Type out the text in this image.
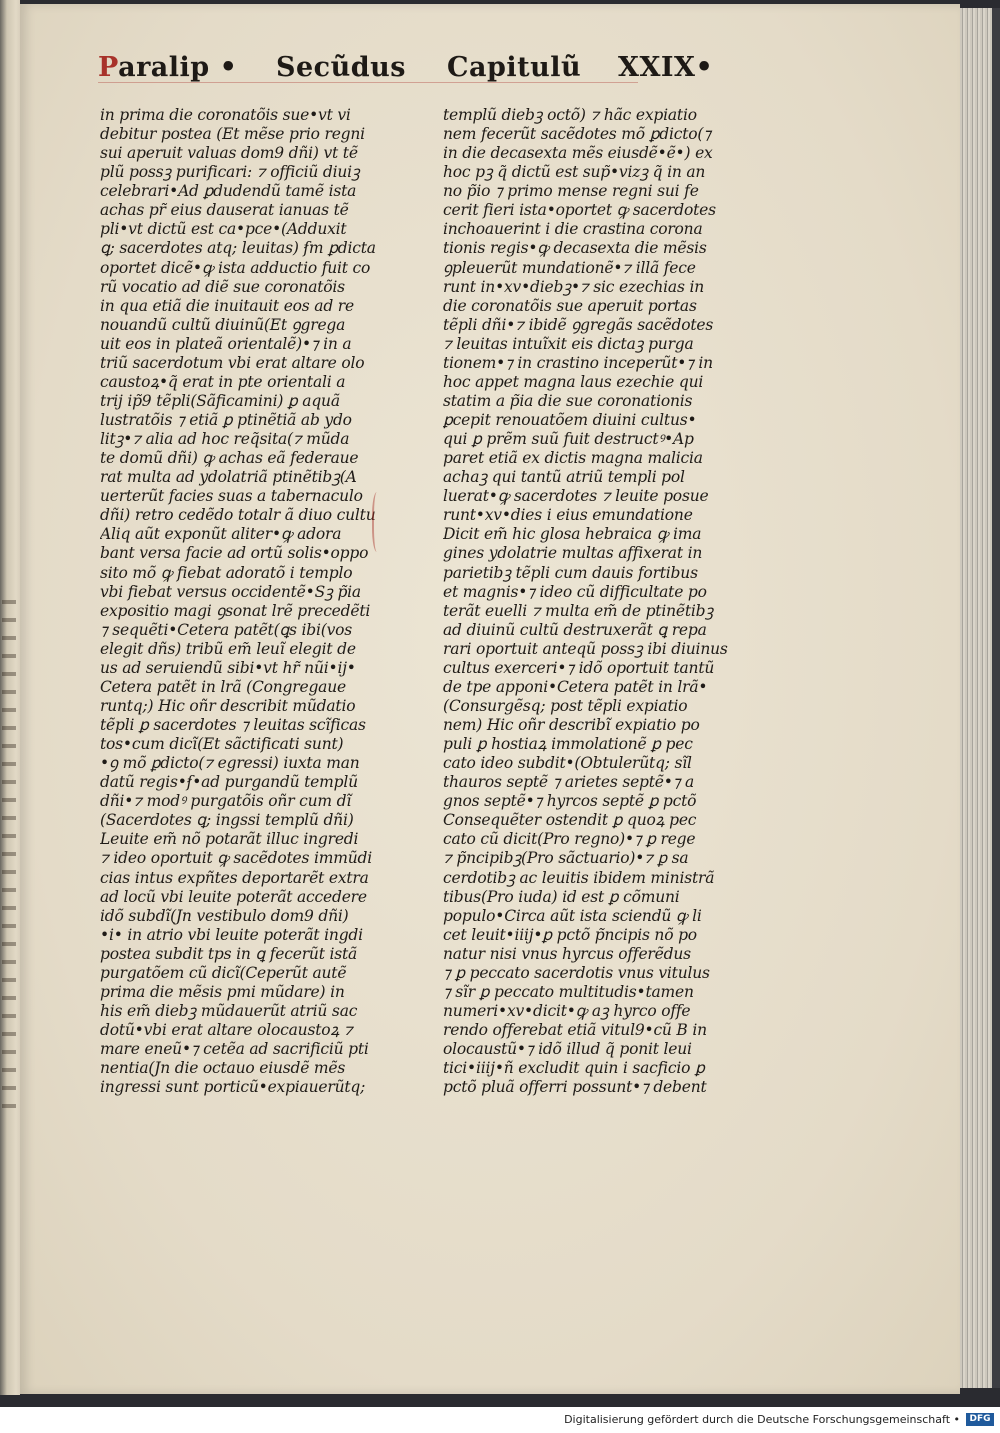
Paralip • Secũdus Capitulũ XXIX•
in prima die coronatõis sue•vt vi
debitur postea (Et mẽse prio regni
sui aperuit valuas dom9 dñi) vt tẽ
plũ possꝫ purificari: ⁊ officiũ diuiꝫ
celebrari•Ad ꝑdudendũ tamẽ ista
achas pr̃ eius dauserat ianuas tẽ
pli•vt dictũ est ca•pce•(Adduxit
ꝗ; sacerdotes atq; leuitas) ẜm ꝑdicta
oportet dicẽ•ꝙ ista adductio fuit co
rũ vocatio ad diẽ sue coronatõis
in qua etiã die inuitauit eos ad re
nouandũ cultũ diuinũ(Et ꝯgrega
uit eos in plateã orientalẽ)•⁊ in a
triũ sacerdotum vbi erat altare olo
caustoꝝ•q̃ erat in pte orientali a
trij ip̃9 tẽpli(Sãficamini) ꝑ aquã
lustratõis ⁊ etiã ꝑ ptinẽtiã ab ydo
litꝫ•⁊ alia ad hoc req̃sita(⁊ mũda
te domũ dñi) ꝙ achas eã federaue
rat multa ad ydolatriã ptinẽtibꝫ(A
uerterũt facies suas a tabernaculo
dñi) retro cedẽdo totalr ã diuo cultu
Aliq aũt exponũt aliter•ꝙ adora
bant versa facie ad ortũ solis•oppo
sito mõ ꝙ fiebat adoratõ i templo
vbi fiebat versus occidentẽ•Sꝫ p̃ia
expositio magi ꝯsonat lrẽ precedẽti
⁊ sequẽti•Cetera patẽt(ꝗs ibi(vos
elegit dñs) tribũ em̃ leuĩ elegit de
us ad seruiendũ sibi•vt hr̃ nũi•ij•
Cetera patẽt in lrã (Congregaue
runtq;) Hic oñr describit mũdatio
tẽpli ꝑ sacerdotes ⁊ leuitas scĩficas
tos•cum dicĩ(Et sãctificati sunt)
•ꝯ mõ ꝑdicto(⁊ egressi) iuxta man
datũ regis•ẜ•ad purgandũ templũ
dñi•⁊ modꝰ purgatõis oñr cum dĩ
(Sacerdotes ꝗ; ingssi templũ dñi)
Leuite em̃ nõ potarãt illuc ingredi
⁊ ideo oportuit ꝙ sacẽdotes immũdi
cias intus expñtes deportarẽt extra
ad locũ vbi leuite poterãt accedere
idõ subdĩ(Jn vestibulo dom9 dñi)
•i• in atrio vbi leuite poterãt ingdi
postea subdit tps in ꝗ fecerũt istã
purgatõem cũ dicĩ(Ceperũt autẽ
prima die mẽsis pmi mũdare) in
his em̃ diebꝫ mũdauerũt atriũ sac
dotũ•vbi erat altare olocaustoꝝ ⁊
mare eneũ•⁊ cetẽa ad sacrificiũ pti
nentia(Jn die octauo eiusdẽ mẽs
ingressi sunt porticũ•expiauerũtq;
templũ diebꝫ octõ) ⁊ hãc expiatio
nem fecerũt sacẽdotes mõ ꝑdicto(⁊
in die decasexta mẽs eiusdẽ•ẽ•) ex
hoc pꝫ q̃ dictũ est sup̃•vizꝫ q̃ in an
no p̃io ⁊ primo mense regni sui fe
cerit fieri ista•oportet ꝙ sacerdotes
inchoauerint i die crastina corona
tionis regis•ꝙ decasexta die mẽsis
ꝯpleuerũt mundationẽ•⁊ illã fece
runt in•xv•diebꝫ•⁊ sic ezechias in
die coronatõis sue aperuit portas
tẽpli dñi•⁊ ibidẽ ꝯgregãs sacẽdotes
⁊ leuitas intuĩxit eis dictaꝫ purga
tionem•⁊ in crastino inceperũt•⁊ in
hoc appet magna laus ezechie qui
statim a p̃ia die sue coronationis
ꝑcepit renouatõem diuini cultus•
qui ꝑ prẽm suũ fuit destructꝰ•Ap
paret etiã ex dictis magna malicia
achaꝫ qui tantũ atriũ templi pol
luerat•ꝙ sacerdotes ⁊ leuite posue
runt•xv•dies i eius emundatione
Dicit em̃ hic glosa hebraica ꝙ ima
gines ydolatrie multas affixerat in
parietibꝫ tẽpli cum dauis fortibus
et magnis•⁊ ideo cũ difficultate po
terãt euelli ⁊ multa em̃ de ptinẽtibꝫ
ad diuinũ cultũ destruxerãt ꝗ repa
rari oportuit anteqũ possꝫ ibi diuinus
cultus exerceri•⁊ idõ oportuit tantũ
de tpe apponi•Cetera patẽt in lrã•
(Consurgẽsq; post tẽpli expiatio
nem) Hic oñr describĩ expiatio po
puli ꝑ hostiaꝝ immolationẽ ꝑ pec
cato ideo subdit•(Obtulerũtq; sĩl
thauros septẽ ⁊ arietes septẽ•⁊ a
gnos septẽ•⁊ hyrcos septẽ ꝑ pctõ
Consequẽter ostendit ꝑ quoꝝ pec
cato cũ dicit(Pro regno)•⁊ ꝑ rege
⁊ p̃ncipibꝫ(Pro sãctuario)•⁊ ꝑ sa
cerdotibꝫ ac leuitis ibidem ministrã
tibus(Pro iuda) id est ꝑ cõmuni
populo•Circa aũt ista sciendũ ꝙ li
cet leuit•iiij•ꝑ pctõ p̃ncipis nõ po
natur nisi vnus hyrcus offerẽdus
⁊ ꝑ peccato sacerdotis vnus vitulus
⁊ sĩr ꝑ peccato multitudis•tamen
numeri•xv•dicit•ꝙ aꝫ hyrco offe
rendo offerebat etiã vitul9•cũ B in
olocaustũ•⁊ idõ illud q̃ ponit leui
tici•iiij•ñ excludit quin i sacficio ꝑ
pctõ pluã offerri possunt•⁊ debent
Digitalisierung gefördert durch die Deutsche Forschungsgemeinschaft •	DFG
